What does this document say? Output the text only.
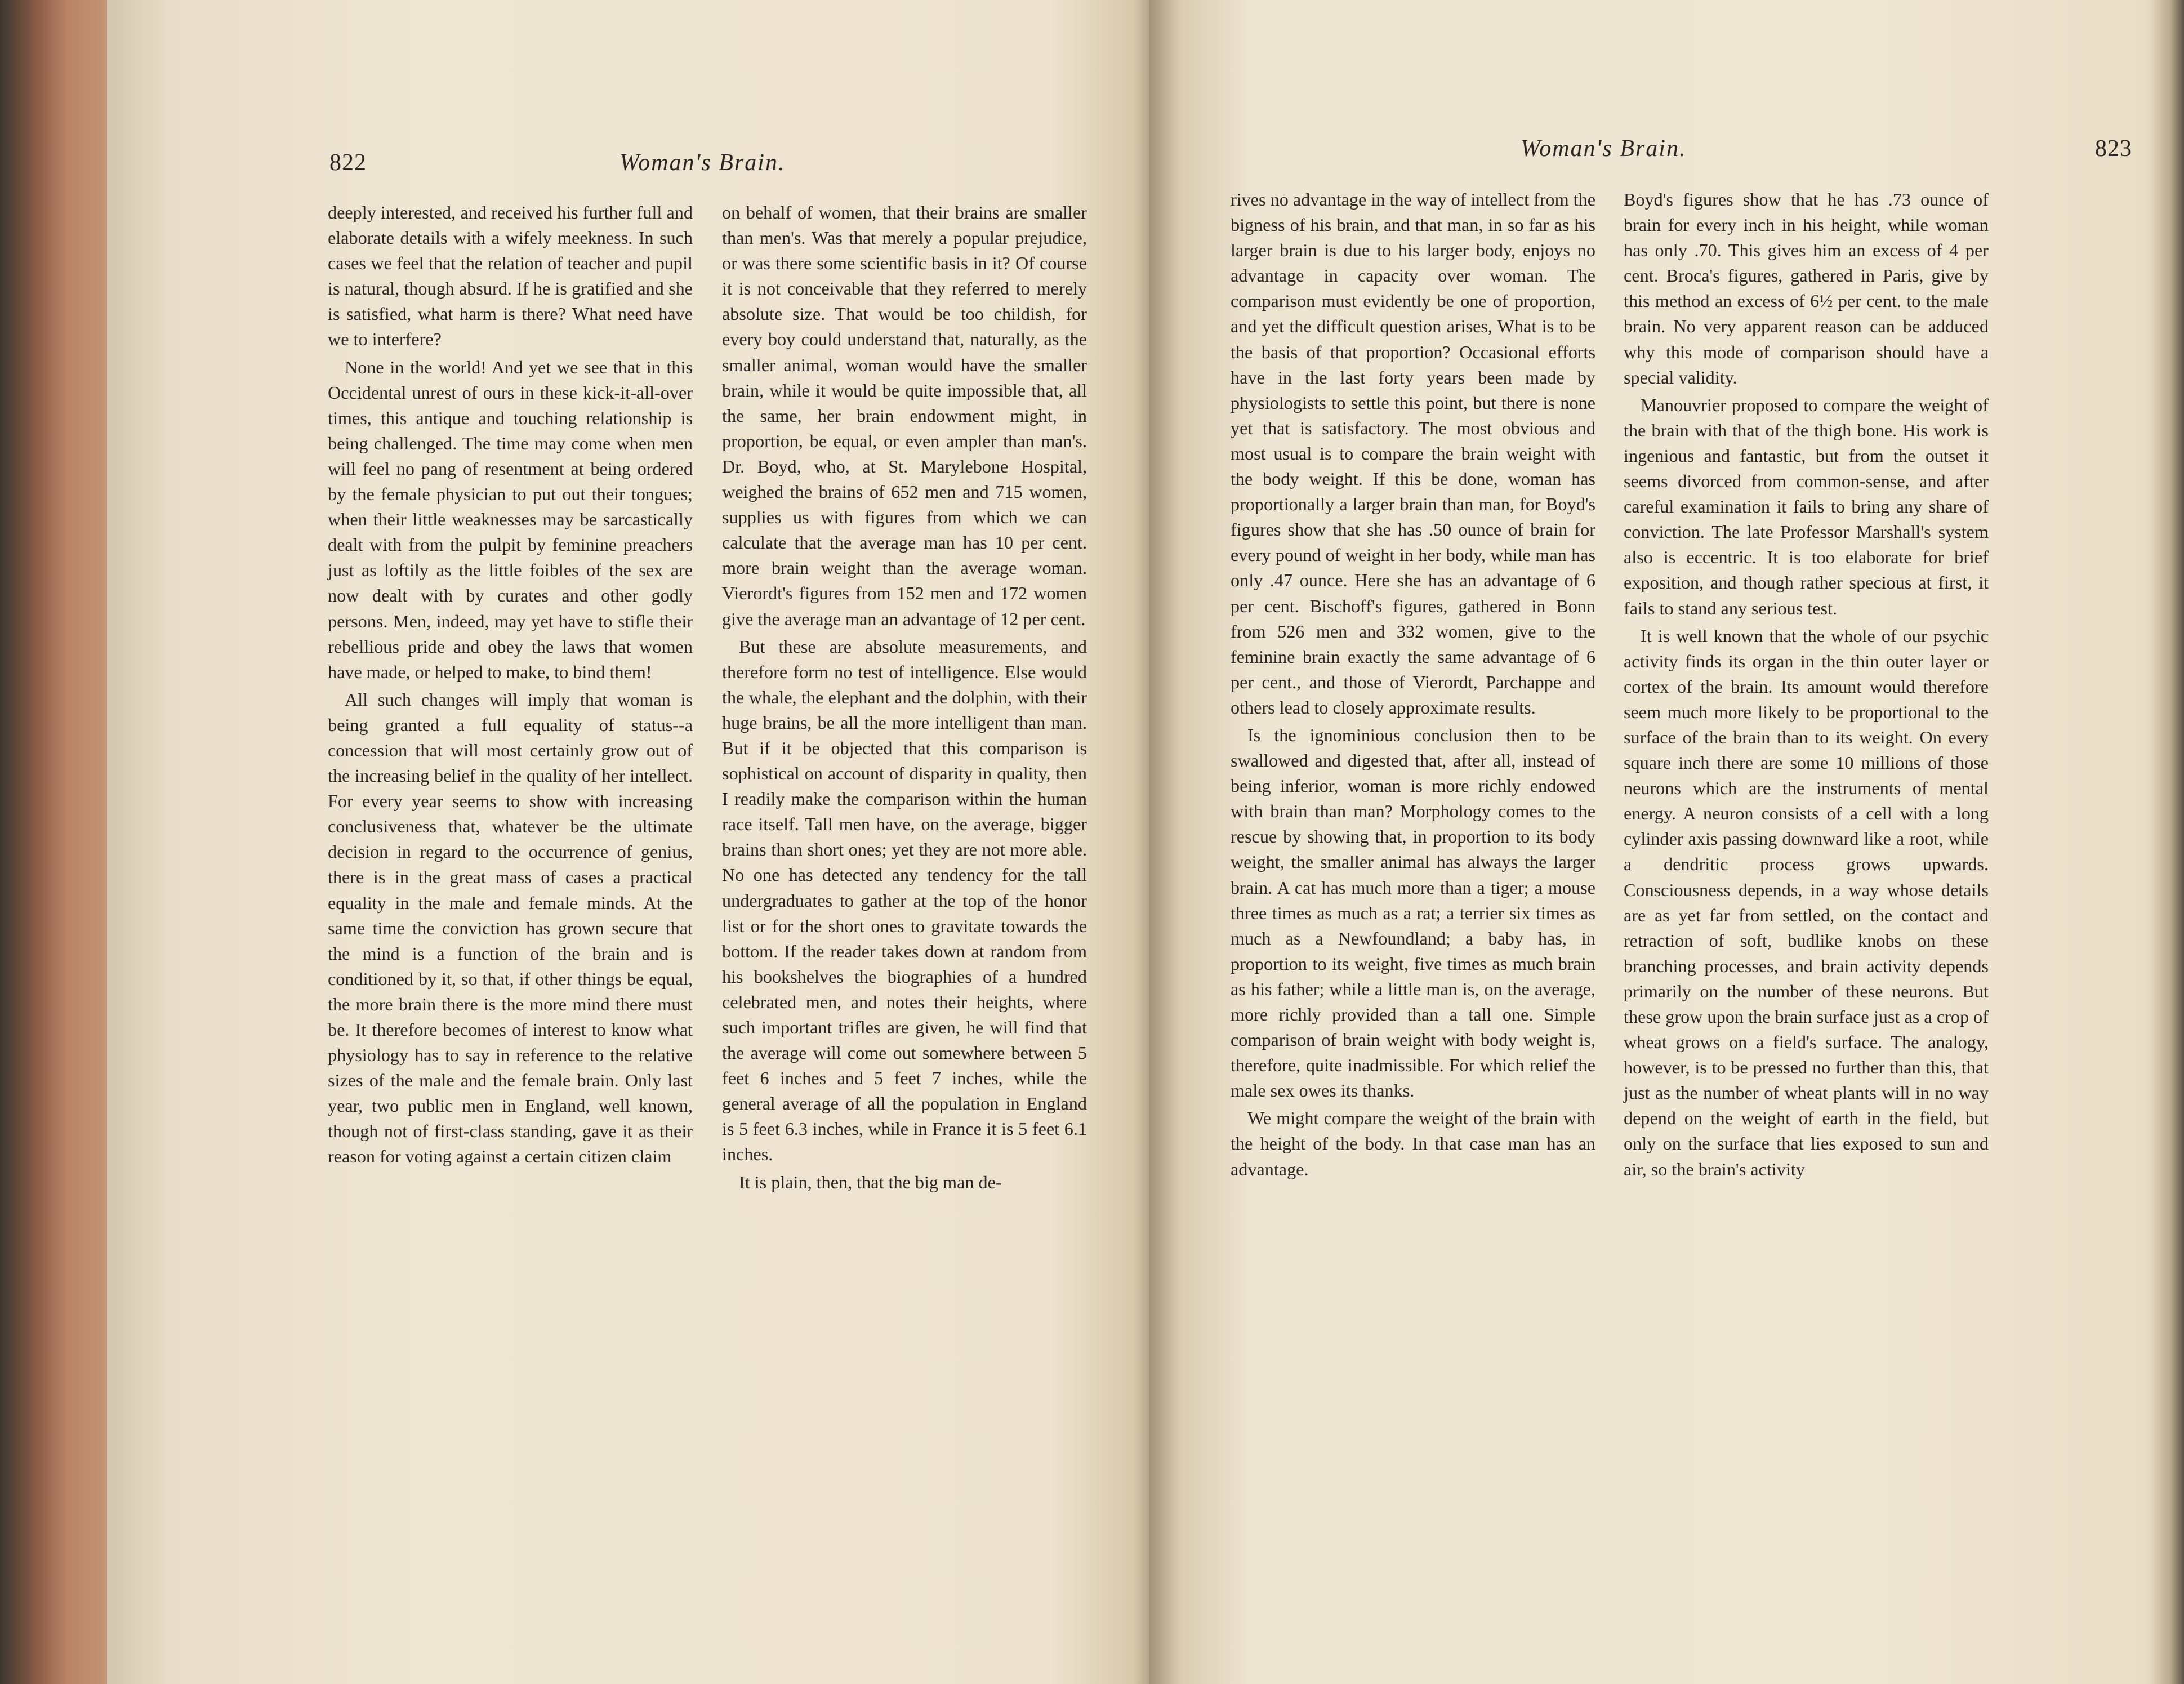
822	Woman's Brain.

deeply interested, and received his further full and elaborate details with a wifely meekness. In such cases we feel that the relation of teacher and pupil is natural, though absurd. If he is gratified and she is satisfied, what harm is there? What need have we to interfere?

None in the world! And yet we see that in this Occidental unrest of ours in these kick-it-all-over times, this antique and touching relationship is being challenged. The time may come when men will feel no pang of resentment at being ordered by the female physician to put out their tongues; when their little weaknesses may be sarcastically dealt with from the pulpit by feminine preachers just as loftily as the little foibles of the sex are now dealt with by curates and other godly persons. Men, indeed, may yet have to stifle their rebellious pride and obey the laws that women have made, or helped to make, to bind them!

All such changes will imply that woman is being granted a full equality of status--a concession that will most certainly grow out of the increasing belief in the quality of her intellect. For every year seems to show with increasing conclusiveness that, whatever be the ultimate decision in regard to the occurrence of genius, there is in the great mass of cases a practical equality in the male and female minds. At the same time the conviction has grown secure that the mind is a function of the brain and is conditioned by it, so that, if other things be equal, the more brain there is the more mind there must be. It therefore becomes of interest to know what physiology has to say in reference to the relative sizes of the male and the female brain. Only last year, two public men in England, well known, though not of first-class standing, gave it as their reason for voting against a certain citizen claim

on behalf of women, that their brains are smaller than men's. Was that merely a popular prejudice, or was there some scientific basis in it? Of course it is not conceivable that they referred to merely absolute size. That would be too childish, for every boy could understand that, naturally, as the smaller animal, woman would have the smaller brain, while it would be quite impossible that, all the same, her brain endowment might, in proportion, be equal, or even ampler than man's. Dr. Boyd, who, at St. Marylebone Hospital, weighed the brains of 652 men and 715 women, supplies us with figures from which we can calculate that the average man has 10 per cent. more brain weight than the average woman. Vierordt's figures from 152 men and 172 women give the average man an advantage of 12 per cent.

But these are absolute measurements, and therefore form no test of intelligence. Else would the whale, the elephant and the dolphin, with their huge brains, be all the more intelligent than man. But if it be objected that this comparison is sophistical on account of disparity in quality, then I readily make the comparison within the human race itself. Tall men have, on the average, bigger brains than short ones; yet they are not more able. No one has detected any tendency for the tall undergraduates to gather at the top of the honor list or for the short ones to gravitate towards the bottom. If the reader takes down at random from his bookshelves the biographies of a hundred celebrated men, and notes their heights, where such important trifles are given, he will find that the average will come out somewhere between 5 feet 6 inches and 5 feet 7 inches, while the general average of all the population in England is 5 feet 6.3 inches, while in France it is 5 feet 6.1 inches.

It is plain, then, that the big man de-

Woman's Brain.	823

rives no advantage in the way of intellect from the bigness of his brain, and that man, in so far as his larger brain is due to his larger body, enjoys no advantage in capacity over woman. The comparison must evidently be one of proportion, and yet the difficult question arises, What is to be the basis of that proportion? Occasional efforts have in the last forty years been made by physiologists to settle this point, but there is none yet that is satisfactory. The most obvious and most usual is to compare the brain weight with the body weight. If this be done, woman has proportionally a larger brain than man, for Boyd's figures show that she has .50 ounce of brain for every pound of weight in her body, while man has only .47 ounce. Here she has an advantage of 6 per cent. Bischoff's figures, gathered in Bonn from 526 men and 332 women, give to the feminine brain exactly the same advantage of 6 per cent., and those of Vierordt, Parchappe and others lead to closely approximate results.

Is the ignominious conclusion then to be swallowed and digested that, after all, instead of being inferior, woman is more richly endowed with brain than man? Morphology comes to the rescue by showing that, in proportion to its body weight, the smaller animal has always the larger brain. A cat has much more than a tiger; a mouse three times as much as a rat; a terrier six times as much as a Newfoundland; a baby has, in proportion to its weight, five times as much brain as his father; while a little man is, on the average, more richly provided than a tall one. Simple comparison of brain weight with body weight is, therefore, quite inadmissible. For which relief the male sex owes its thanks.

We might compare the weight of the brain with the height of the body. In that case man has an advantage.

Boyd's figures show that he has .73 ounce of brain for every inch in his height, while woman has only .70. This gives him an excess of 4 per cent. Broca's figures, gathered in Paris, give by this method an excess of 6½ per cent. to the male brain. No very apparent reason can be adduced why this mode of comparison should have a special validity.

Manouvrier proposed to compare the weight of the brain with that of the thigh bone. His work is ingenious and fantastic, but from the outset it seems divorced from common-sense, and after careful examination it fails to bring any share of conviction. The late Professor Marshall's system also is eccentric. It is too elaborate for brief exposition, and though rather specious at first, it fails to stand any serious test.

It is well known that the whole of our psychic activity finds its organ in the thin outer layer or cortex of the brain. Its amount would therefore seem much more likely to be proportional to the surface of the brain than to its weight. On every square inch there are some 10 millions of those neurons which are the instruments of mental energy. A neuron consists of a cell with a long cylinder axis passing downward like a root, while a dendritic process grows upwards. Consciousness depends, in a way whose details are as yet far from settled, on the contact and retraction of soft, budlike knobs on these branching processes, and brain activity depends primarily on the number of these neurons. But these grow upon the brain surface just as a crop of wheat grows on a field's surface. The analogy, however, is to be pressed no further than this, that just as the number of wheat plants will in no way depend on the weight of earth in the field, but only on the surface that lies exposed to sun and air, so the brain's activity
